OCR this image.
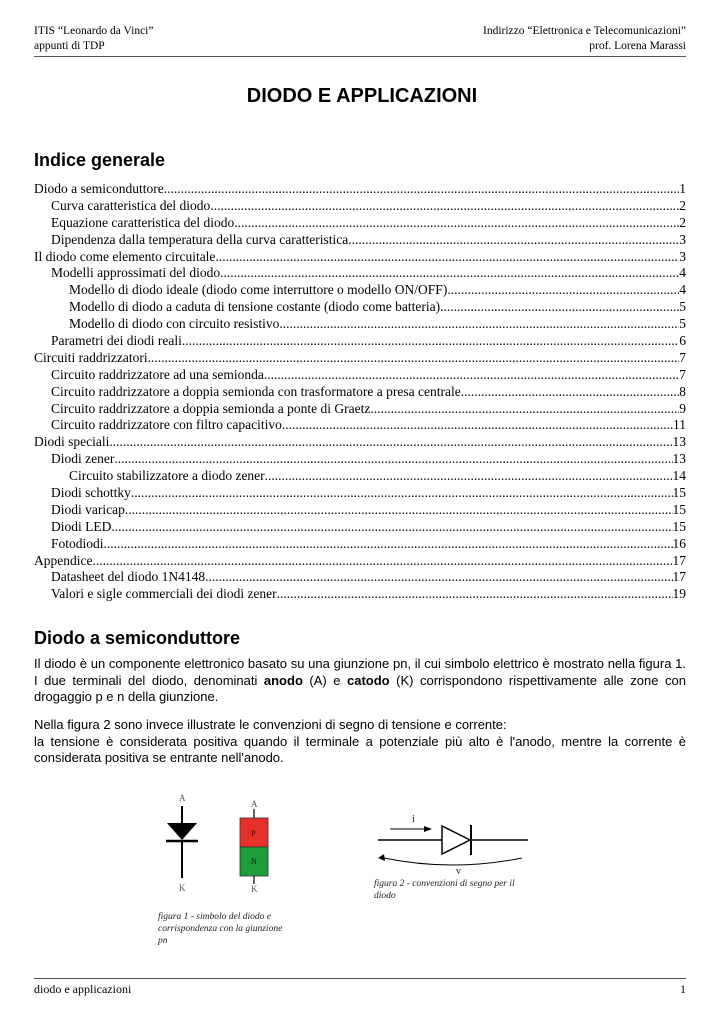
ITIS “Leonardo da Vinci”
appunti di TDP
Indirizzo “Elettronica e Telecomunicazioni”
prof. Lorena Marassi
DIODO E APPLICAZIONI
Indice generale
Diodo a semiconduttore .....	1
Curva caratteristica del diodo .....	2
Equazione caratteristica del diodo .....	2
Dipendenza dalla temperatura della curva caratteristica .....	3
Il diodo come elemento circuitale .....	3
Modelli approssimati del diodo .....	4
Modello di diodo ideale (diodo come interruttore o modello ON/OFF) .....	4
Modello di diodo a caduta di tensione costante (diodo come batteria) .....	5
Modello di diodo con circuito resistivo .....	5
Parametri dei diodi reali .....	6
Circuiti raddrizzatori .....	7
Circuito raddrizzatore ad una semionda .....	7
Circuito raddrizzatore a doppia semionda con trasformatore a presa centrale .....	8
Circuito raddrizzatore a doppia semionda a ponte di Graetz .....	9
Circuito raddrizzatore con filtro capacitivo .....	11
Diodi speciali .....	13
Diodi zener .....	13
Circuito stabilizzatore a diodo zener .....	14
Diodi schottky .....	15
Diodi varicap .....	15
Diodi LED .....	15
Fotodiodi .....	16
Appendice .....	17
Datasheet del diodo 1N4148 .....	17
Valori e sigle commerciali dei diodi zener .....	19
Diodo a semiconduttore

Il diodo è un componente elettronico basato su una giunzione pn, il cui simbolo elettrico è mostrato nella figura 1. I due terminali del diodo, denominati anodo (A) e catodo (K) corrispondono rispettivamente alle zone con drogaggio p e n della giunzione.

Nella figura 2 sono invece illustrate le convenzioni di segno di tensione e corrente:
la tensione è considerata positiva quando il terminale a potenziale più alto è l'anodo, mentre la corrente è considerata positiva se entrante nell'anodo.

A
K
A
P
N
K
figura 1 - simbolo del diodo e corrispondenza con la giunzione pn
i
v
figura 2 - convenzioni di segno per il diodo
diodo e applicazioni	1
